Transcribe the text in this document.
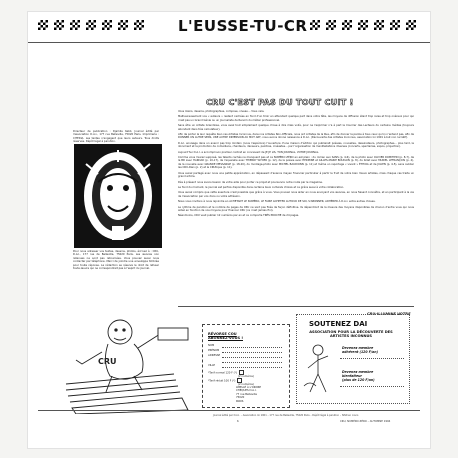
L'EUSSE-TU-CR

Directeur de publication : Djamila Kebli, Journal édité par l'association D.A.I., 177 rue Belleville, 75020 Paris. Imprimerie : CITEDIA. Les textes n'engagent que leurs auteurs. Tous droits réservés. Dépôt légal à parution.

Pour nous adresser vos textes, dessins, photos, écrivez à : CRU, D.A.I., 177 rue de Belleville, 75020 Paris. Les œuvres non retenues ne sont pas retournées. Vous pouvez aussi nous contacter par téléphone. Merci de joindre une enveloppe timbrée pour toute réponse. La rédaction se réserve le droit de refuser toute œuvre qui ne correspondrait pas à l'esprit du journal.

CRU C'EST PAS DU TOUT CUIT !

Vous loisirs, dessins, photographies, compose, niveau... Vous cela.

Malheureusement vos « auteurs » restent cachées en fond d'un tiroir en attendant quelque part dans votre tête, les moyens de diffusion étant trop rares et trop onéreux pour qui n'est pas un Grand Génie ou un Journaliste de Renom du métier professionnel.

Sans être un Artiste Grandiose, vous avez tout simplement quelque chose à dire mais voilà, pour ne l'exprimer n'a à part le Courrier des Lecteurs du certaine médias (toujours abondant dans très calculateur).

Afin de porter la leur requête bien ces Artistes Inconnus, dans nos Artistes Non-Officiels, nous ont Artistes de la Rue, afin de donner la parole à tous ceux qu'on n'entend pas, afin de DONNER UN AUTRE SENS, UNE AUTRE DIMENSION AU MOT ART, nous avons donné naissance à D.A.I. (Découverte des Artistes Inconnus, association loi 1901 à but non lucratif).

D.A.I. envisage dans un avenir pas trop lointain (nous l'espérons) l'ouverture d'une maison d'édition qui publierait poésies, nouvelles, dessinateurs, photographes... plus tard, le document et la promotion de comédiens, chanteurs, danseurs, peintres, cinéastes... par l'organisation de manifestations diverses (concerts, spectacles, expos, projection).

Aujourd'hui D.A.I. a accompli son premier contrat en concevant de JE JE LIS, TON JOURNAL, VOTRE JOURNAL.

Comme vous l'aurez supposé, les talents cachés ne manquent pas et ce NUMÉRO ZÉRO en est plein : du roman aux SANS (p. 4-6), de la photo avec OLIVIER ROMITIERI (p. 8-7), de la BD avec HARDAD (p. 10-17), de l'aquarelle avec THIERRY WYDER (p. 12), de la poésie avec HERMINE et GILLES-MARIE BOUDAIN (p. 8), du billet avec MURIEL LEFRANÇOIS (p. 4), de la nouvelle avec GRANDE MESSANGE (p. 18-20), du montage-photo avec MICHEL BAUDIONN (p. 11) et même un reportage « vivant » ÉTHIOA et de JULIEN (p. 4-5), sans oublier les CRU-Rien (p. 2) et le CRUtique (p. 11).

Vous aurez partagé avec nous une petite appréciation, en dépassant d'avance mayen financier particulier à partir le fruit de votre bien mieux artistes, mais chaque cas traite un grand article.

Dès à présent nous avons besoin de votre aide pour porter ce projet et poursuivre notre route par le magazine.

Le fond du moment, le journal est parfois disponible dans certains lieux culturels choisis et ce grâce aussi à votre collaboration.

Vous aurez compris que cette aventure n'est possible que grâce à vous. Vous pouvez nous aider en nous envoyant vos œuvres, en nous faisant connaître, et en participant à la vie de l'association par vos dons ou votre adhésion.

Nous vous invitons à nous rejoindre en ACHETANT LE NUMÉRO, LE FAIRE ACHETER AUTOUR DE SOI, S'ABONNER, ADHÉRER À D.A.I. entre autres choses.

Le rythme de parution et le nombre de pages de CRU ne sont pas fixés de façon définitive. Ils dépendront de la mesure des moyens disponibles de chacun d'entre vous qui nous aidez en fonction de vos moyens pour financer CRU (ce n'est jamais fini).

Néanmoins, CRU veut publier 12 numéros par an et ce comporte TRÈS PROCHE de 24 pages.

CRU-ILLUMINE VOTRE
CRU
RÉVORSE COU
ABONNEZ-VOUS !
NOM
PRÉNOM
ADRESSE
VILLE
*Tarif normal 120 F (*)
(2 numéros)
*Tarif réduit 100 F (*)
(2 numéros)
LIBELLÉ À L'ORDRE
CHÈQUES D.A.I.
77 rue Belleville
75020
PARIS
SOUTENEZ DAI
ASSOCIATION POUR LA DÉCOUVERTE DES
ARTISTES INCONNUS
Devenez membre
adhérent (120 F/an)
Devenez membre
bienfaiteur
(plus de 120 F/an)
Journal édité par D.A.I. – Association loi 1901 – 177 rue de Belleville, 75020 Paris – Dépôt légal à parution – ISSN en cours
6	CRU, NUMÉRO ZÉRO – AUTOMNE 1994
